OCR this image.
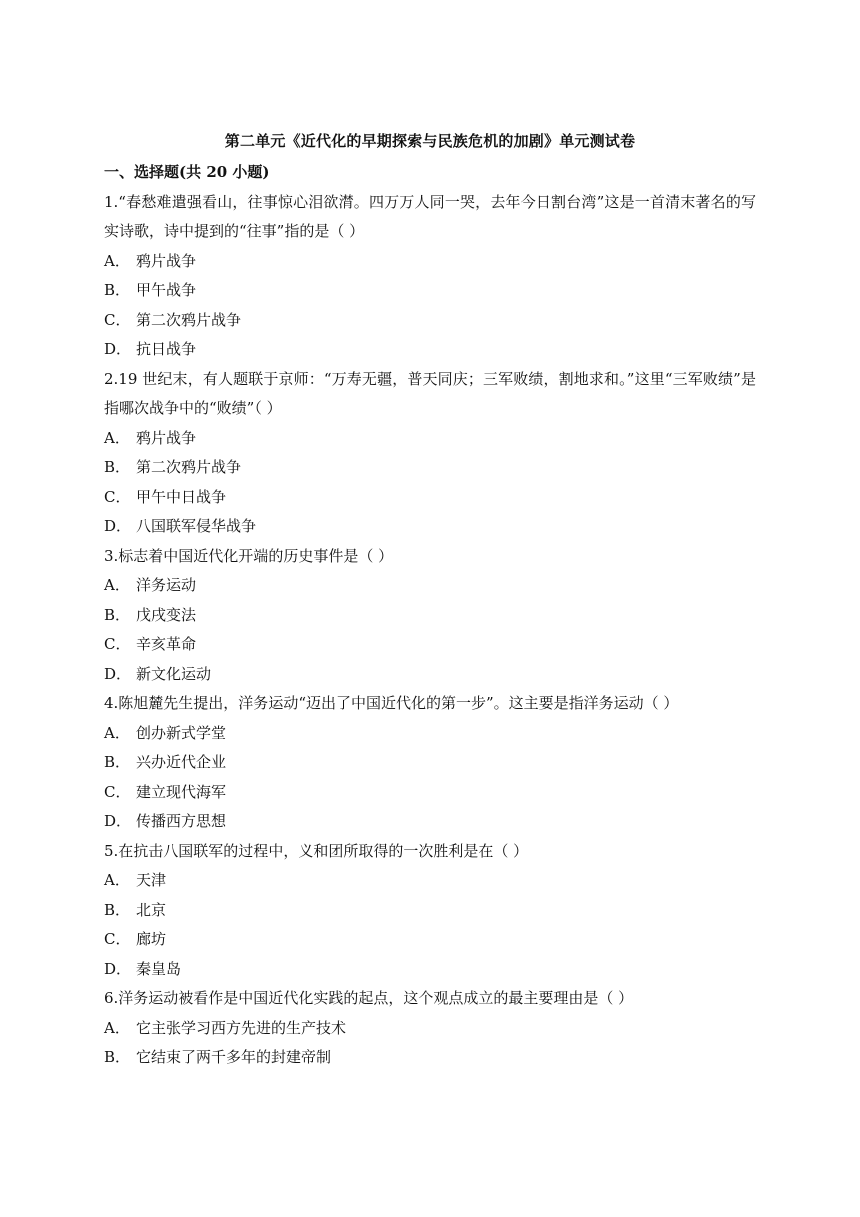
第二单元《近代化的早期探索与民族危机的加剧》单元测试卷

一、选择题(共 20 小题)

1.“春愁难遣强看山，往事惊心泪欲潸。四万万人同一哭，去年今日割台湾”这是一首清末著名的写实诗歌，诗中提到的“往事”指的是（ ）

A． 鸦片战争
B． 甲午战争
C． 第二次鸦片战争
D． 抗日战争

2.19 世纪末，有人题联于京师：“万寿无疆，普天同庆；三军败绩，割地求和。”这里“三军败绩”是指哪次战争中的“败绩”（ ）

A． 鸦片战争
B． 第二次鸦片战争
C． 甲午中日战争
D． 八国联军侵华战争

3.标志着中国近代化开端的历史事件是（ ）

A． 洋务运动
B． 戊戌变法
C． 辛亥革命
D． 新文化运动

4.陈旭麓先生提出，洋务运动“迈出了中国近代化的第一步”。这主要是指洋务运动（ ）

A． 创办新式学堂
B． 兴办近代企业
C． 建立现代海军
D． 传播西方思想

5.在抗击八国联军的过程中，义和团所取得的一次胜利是在（ ）

A． 天津
B． 北京
C． 廊坊
D． 秦皇岛

6.洋务运动被看作是中国近代化实践的起点，这个观点成立的最主要理由是（ ）

A． 它主张学习西方先进的生产技术
B． 它结束了两千多年的封建帝制
